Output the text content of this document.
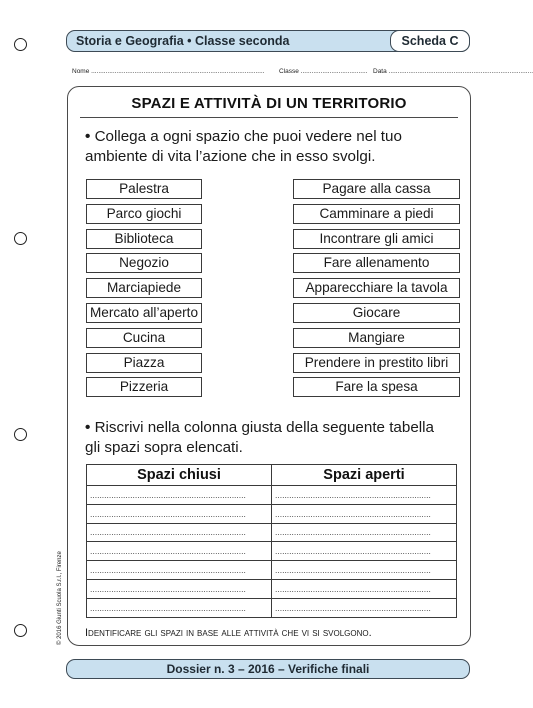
Storia e Geografia • Classe seconda	Scheda C
Nome ................................................................................................	Classe ..................................... Data ................................................................................
SPAZI E ATTIVITÀ DI UN TERRITORIO
• Collega a ogni spazio che puoi vedere nel tuo
ambiente di vita l’azione che in esso svolgi.
• Riscrivi nella colonna giusta della seguente tabella
gli spazi sopra elencati.
Spazi chiusi	Spazi aperti
..................................................................	..................................................................
..................................................................	..................................................................
..................................................................	..................................................................
..................................................................	..................................................................
..................................................................	..................................................................
..................................................................	..................................................................
..................................................................	..................................................................
Identificare gli spazi in base alle attività che vi si svolgono.
Palestra
Parco giochi
Biblioteca
Negozio
Marciapiede
Mercato all’aperto
Cucina
Piazza
Pizzeria
Pagare alla cassa
Camminare a piedi
Incontrare gli amici
Fare allenamento
Apparecchiare la tavola
Giocare
Mangiare
Prendere in prestito libri
Fare la spesa
Dossier n. 3 – 2016 – Verifiche finali
© 2016 Giunti Scuola S.r.l., Firenze
